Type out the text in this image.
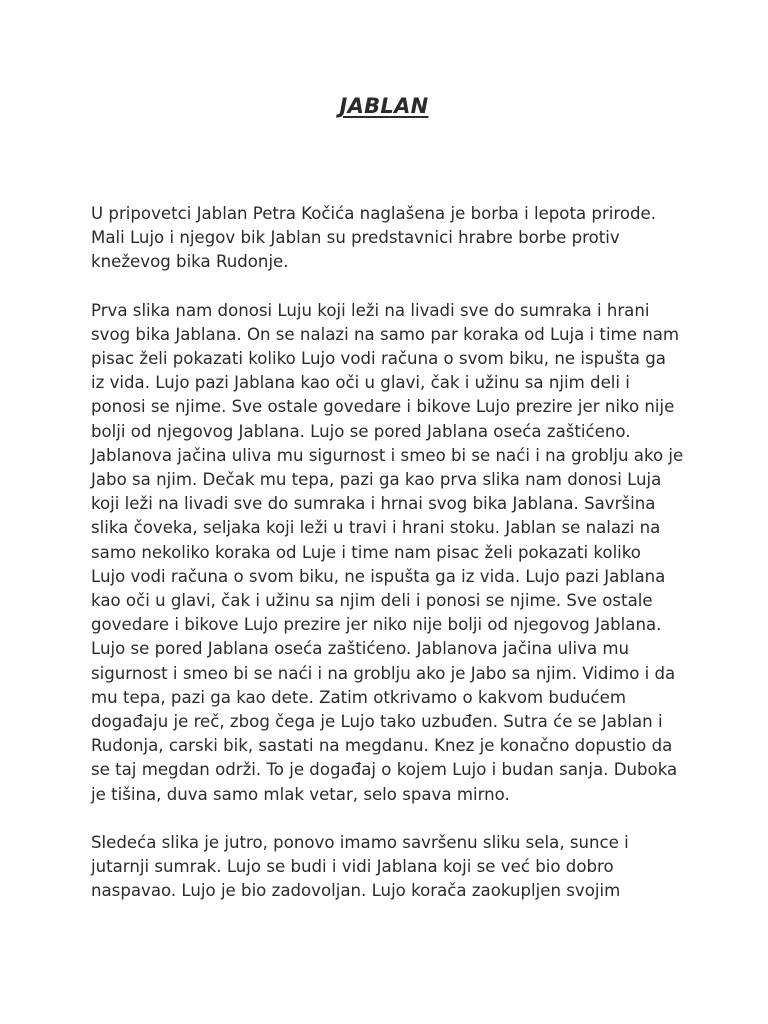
JABLAN

U pripovetci Jablan Petra Kočića naglašena je borba i lepota prirode.
Mali Lujo i njegov bik Jablan su predstavnici hrabre borbe protiv
kneževog bika Rudonje.

Prva slika nam donosi Luju koji leži na livadi sve do sumraka i hrani
svog bika Jablana. On se nalazi na samo par koraka od Luja i time nam
pisac želi pokazati koliko Lujo vodi računa o svom biku, ne ispušta ga
iz vida. Lujo pazi Jablana kao oči u glavi, čak i užinu sa njim deli i
ponosi se njime. Sve ostale govedare i bikove Lujo prezire jer niko nije
bolji od njegovog Jablana. Lujo se pored Jablana oseća zaštićeno.
Jablanova jačina uliva mu sigurnost i smeo bi se naći i na groblju ako je
Jabo sa njim. Dečak mu tepa, pazi ga kao prva slika nam donosi Luja
koji leži na livadi sve do sumraka i hrnai svog bika Jablana. Savršina
slika čoveka, seljaka koji leži u travi i hrani stoku. Jablan se nalazi na
samo nekoliko koraka od Luje i time nam pisac želi pokazati koliko
Lujo vodi računa o svom biku, ne ispušta ga iz vida. Lujo pazi Jablana
kao oči u glavi, čak i užinu sa njim deli i ponosi se njime. Sve ostale
govedare i bikove Lujo prezire jer niko nije bolji od njegovog Jablana.
Lujo se pored Jablana oseća zaštićeno. Jablanova jačina uliva mu
sigurnost i smeo bi se naći i na groblju ako je Jabo sa njim. Vidimo i da
mu tepa, pazi ga kao dete. Zatim otkrivamo o kakvom budućem
događaju je reč, zbog čega je Lujo tako uzbuđen. Sutra će se Jablan i
Rudonja, carski bik, sastati na megdanu. Knez je konačno dopustio da
se taj megdan održi. To je događaj o kojem Lujo i budan sanja. Duboka
je tišina, duva samo mlak vetar, selo spava mirno.

Sledeća slika je jutro, ponovo imamo savršenu sliku sela, sunce i
jutarnji sumrak. Lujo se budi i vidi Jablana koji se već bio dobro
naspavao. Lujo je bio zadovoljan. Lujo korača zaokupljen svojim
